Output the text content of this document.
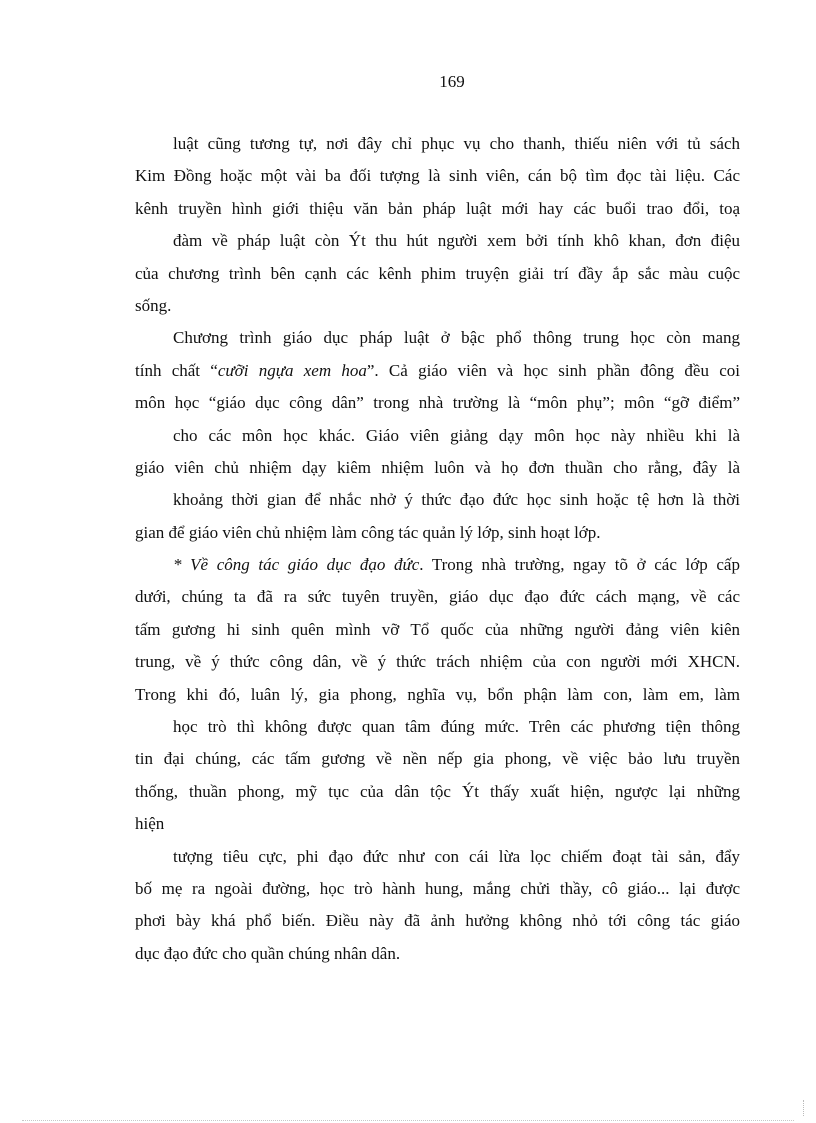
169
luật cũng tương tự, nơi đây chỉ phục vụ cho thanh, thiếu niên với tủ sách
Kim Đồng hoặc một vài ba đối tượng là sinh viên, cán bộ tìm đọc tài liệu. Các
kênh truyền hình giới thiệu văn bản pháp luật mới hay các buổi trao đổi, toạ
đàm về pháp luật còn Ýt thu hút người xem bởi tính khô khan, đơn điệu
của chương trình bên cạnh các kênh phim truyện giải trí đầy ắp sắc màu cuộc
sống.
Chương trình giáo dục pháp luật ở bậc phổ thông trung học còn mang
tính chất “cưỡi ngựa xem hoa”. Cả giáo viên và học sinh phần đông đều coi
môn học “giáo dục công dân” trong nhà trường là “môn phụ”; môn “gỡ điểm”
cho các môn học khác. Giáo viên giảng dạy môn học này nhiều khi là
giáo viên chủ nhiệm dạy kiêm nhiệm luôn và họ đơn thuần cho rằng, đây là
khoảng thời gian để nhắc nhở ý thức đạo đức học sinh hoặc tệ hơn là thời
gian để giáo viên chủ nhiệm làm công tác quản lý lớp, sinh hoạt lớp.
* Về công tác giáo dục đạo đức. Trong nhà trường, ngay tõ ở các lớp cấp
dưới, chúng ta đã ra sức tuyên truyền, giáo dục đạo đức cách mạng, về các
tấm gương hi sinh quên mình vỡ Tổ quốc của những người đảng viên kiên
trung, về ý thức công dân, về ý thức trách nhiệm của con người mới XHCN.
Trong khi đó, luân lý, gia phong, nghĩa vụ, bổn phận làm con, làm em, làm
học trò thì không được quan tâm đúng mức. Trên các phương tiện thông
tin đại chúng, các tấm gương về nền nếp gia phong, về việc bảo lưu truyền
thống, thuần phong, mỹ tục của dân tộc Ýt thấy xuất hiện, ngược lại những
hiện
tượng tiêu cực, phi đạo đức như con cái lừa lọc chiếm đoạt tài sản, đẩy
bố mẹ ra ngoài đường, học trò hành hung, mắng chửi thầy, cô giáo... lại được
phơi bày khá phổ biến. Điều này đã ảnh hưởng không nhỏ tới công tác giáo
dục đạo đức cho quần chúng nhân dân.
